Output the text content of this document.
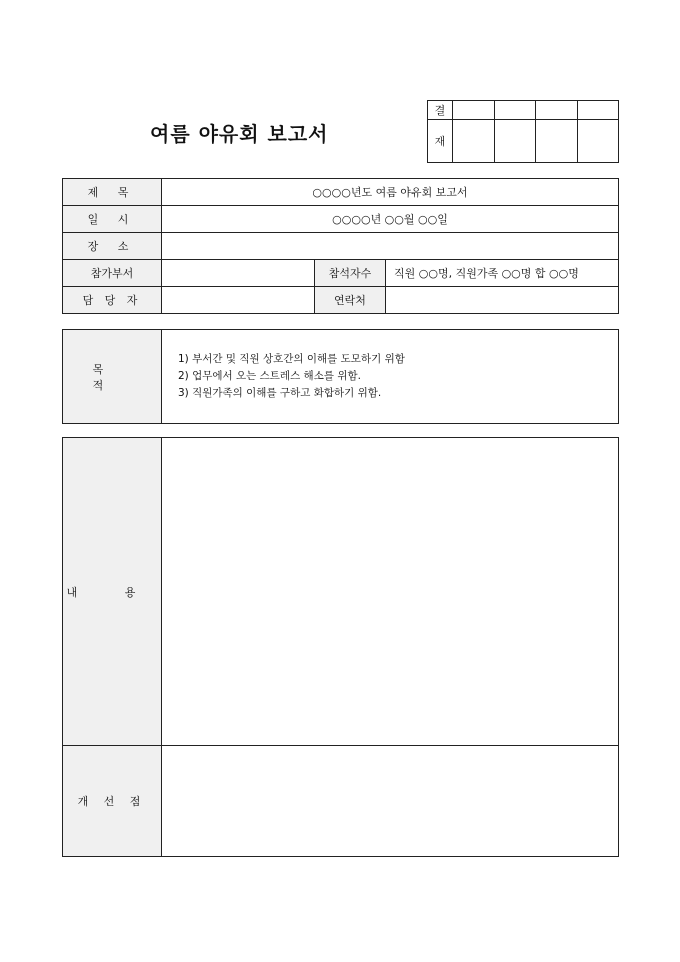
여름 야유회 보고서
결				
재				
제 목	○○○○년도 여름 야유회 보고서		
일 시	○○○○년 ○○월 ○○일		
장 소			
참가부서		참석자수	직원 ○○명, 직원가족 ○○명 합 ○○명
담 당 자		연락처	
목 적	
1) 부서간 및 직원 상호간의 이해를 도모하기 위함
2) 업무에서 오는 스트레스 해소를 위함.
3) 직원가족의 이해를 구하고 화합하기 위함.
내 용	
개 선 점	
